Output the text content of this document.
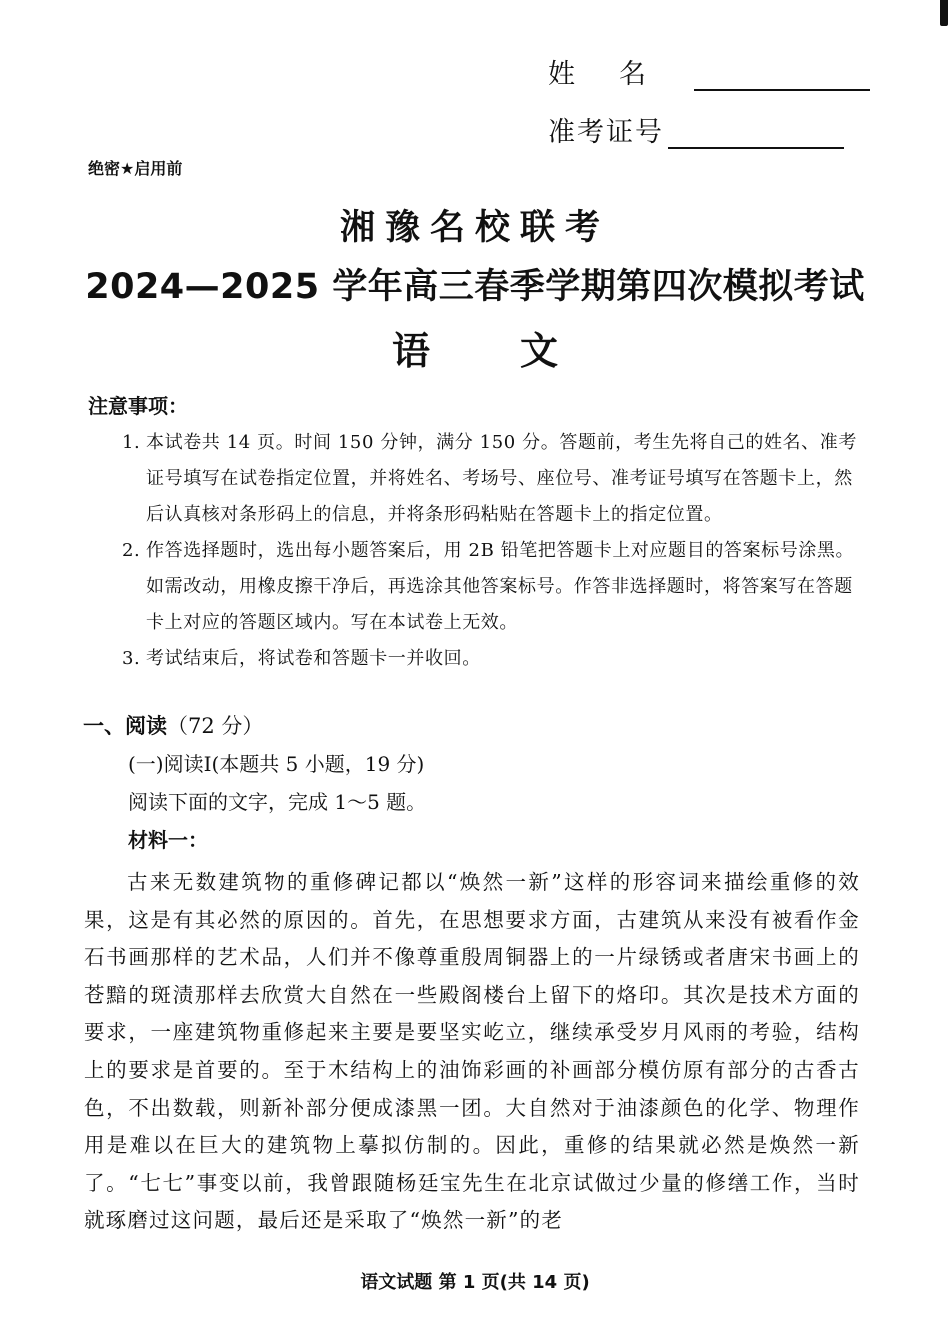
姓名
准考证号
绝密★启用前
湘豫名校联考
2024—2025 学年高三春季学期第四次模拟考试
语文
注意事项：
1. 本试卷共 14 页。时间 150 分钟，满分 150 分。答题前，考生先将自己的姓名、准考证号填写在试卷指定位置，并将姓名、考场号、座位号、准考证号填写在答题卡上，然后认真核对条形码上的信息，并将条形码粘贴在答题卡上的指定位置。
2. 作答选择题时，选出每小题答案后，用 2B 铅笔把答题卡上对应题目的答案标号涂黑。如需改动，用橡皮擦干净后，再选涂其他答案标号。作答非选择题时，将答案写在答题卡上对应的答题区域内。写在本试卷上无效。
3. 考试结束后，将试卷和答题卡一并收回。
一、阅读（72 分）
(一)阅读Ⅰ(本题共 5 小题，19 分)
阅读下面的文字，完成 1～5 题。
材料一：
古来无数建筑物的重修碑记都以“焕然一新”这样的形容词来描绘重修的效果，这是有其必然的原因的。首先，在思想要求方面，古建筑从来没有被看作金石书画那样的艺术品，人们并不像尊重殷周铜器上的一片绿锈或者唐宋书画上的苍黯的斑渍那样去欣赏大自然在一些殿阁楼台上留下的烙印。其次是技术方面的要求，一座建筑物重修起来主要是要坚实屹立，继续承受岁月风雨的考验，结构上的要求是首要的。至于木结构上的油饰彩画的补画部分模仿原有部分的古香古色，不出数载，则新补部分便成漆黑一团。大自然对于油漆颜色的化学、物理作用是难以在巨大的建筑物上摹拟仿制的。因此，重修的结果就必然是焕然一新了。“七七”事变以前，我曾跟随杨廷宝先生在北京试做过少量的修缮工作，当时就琢磨过这问题，最后还是采取了“焕然一新”的老
语文试题 第 1 页(共 14 页)
